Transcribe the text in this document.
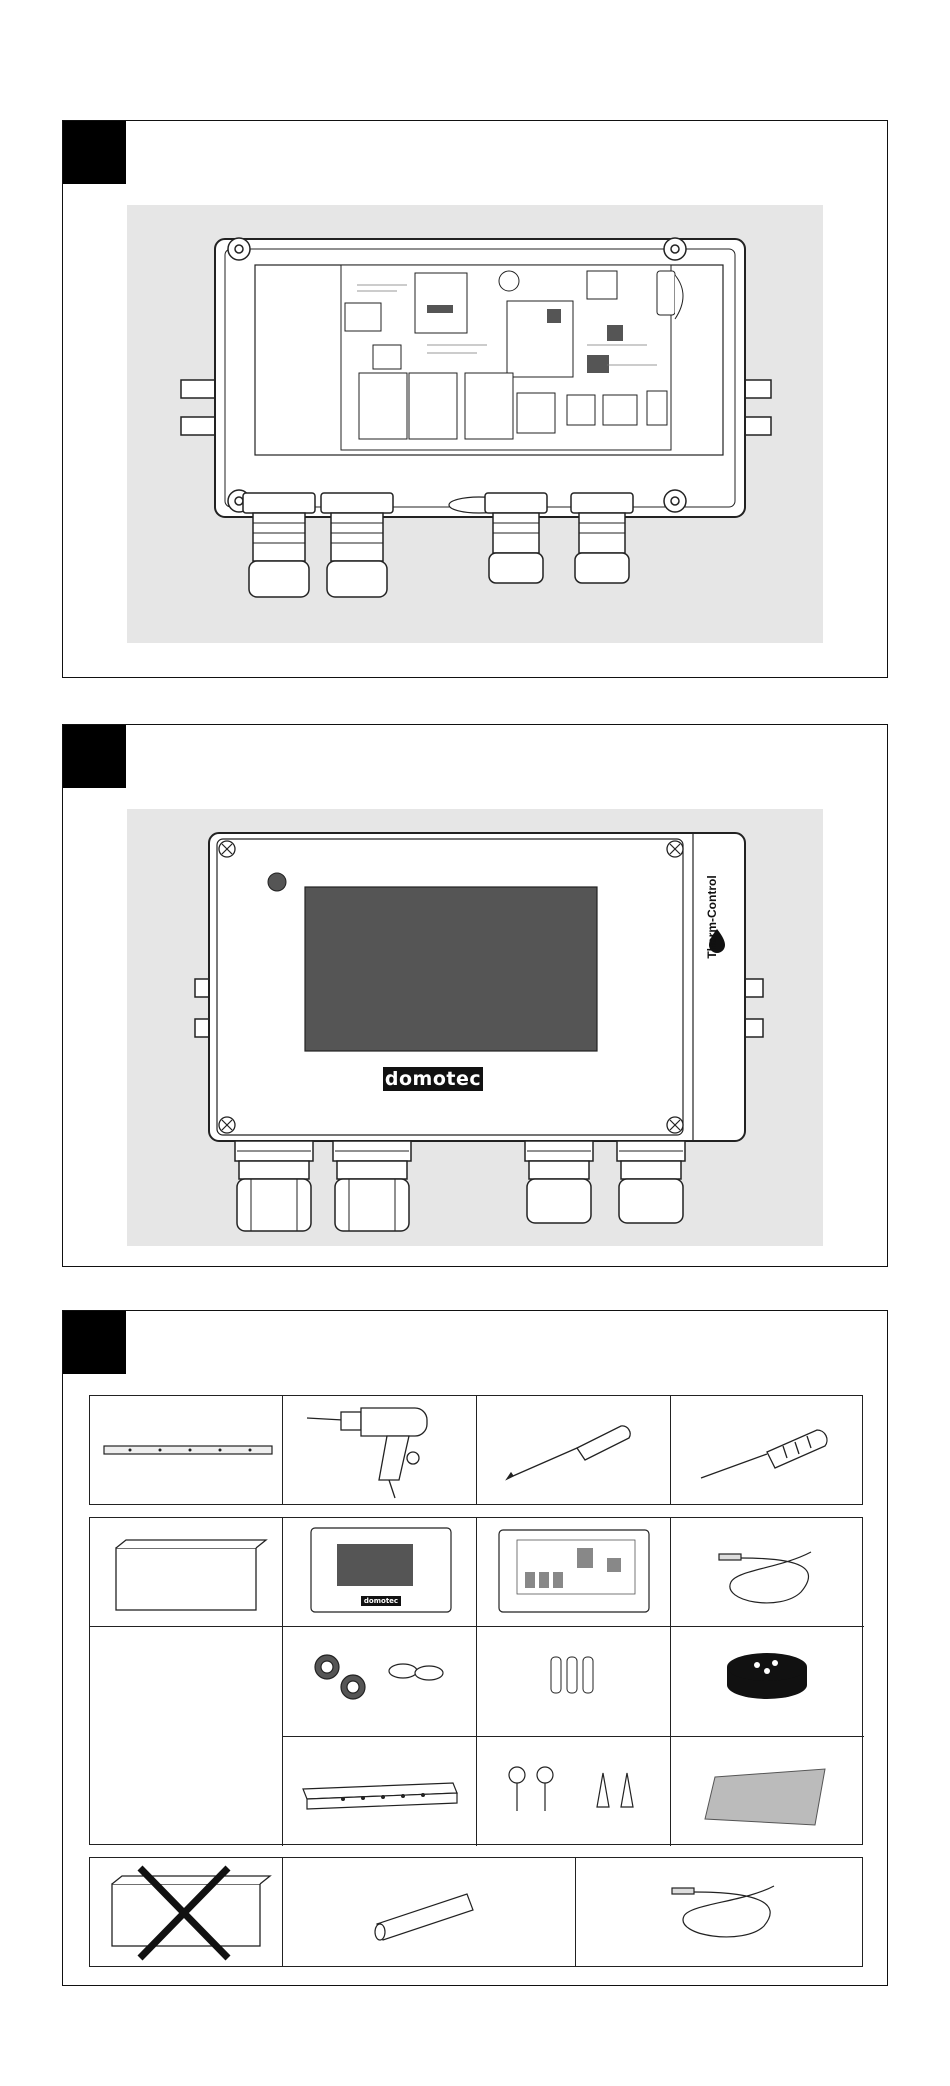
domotec
Therm-Control
domotec
